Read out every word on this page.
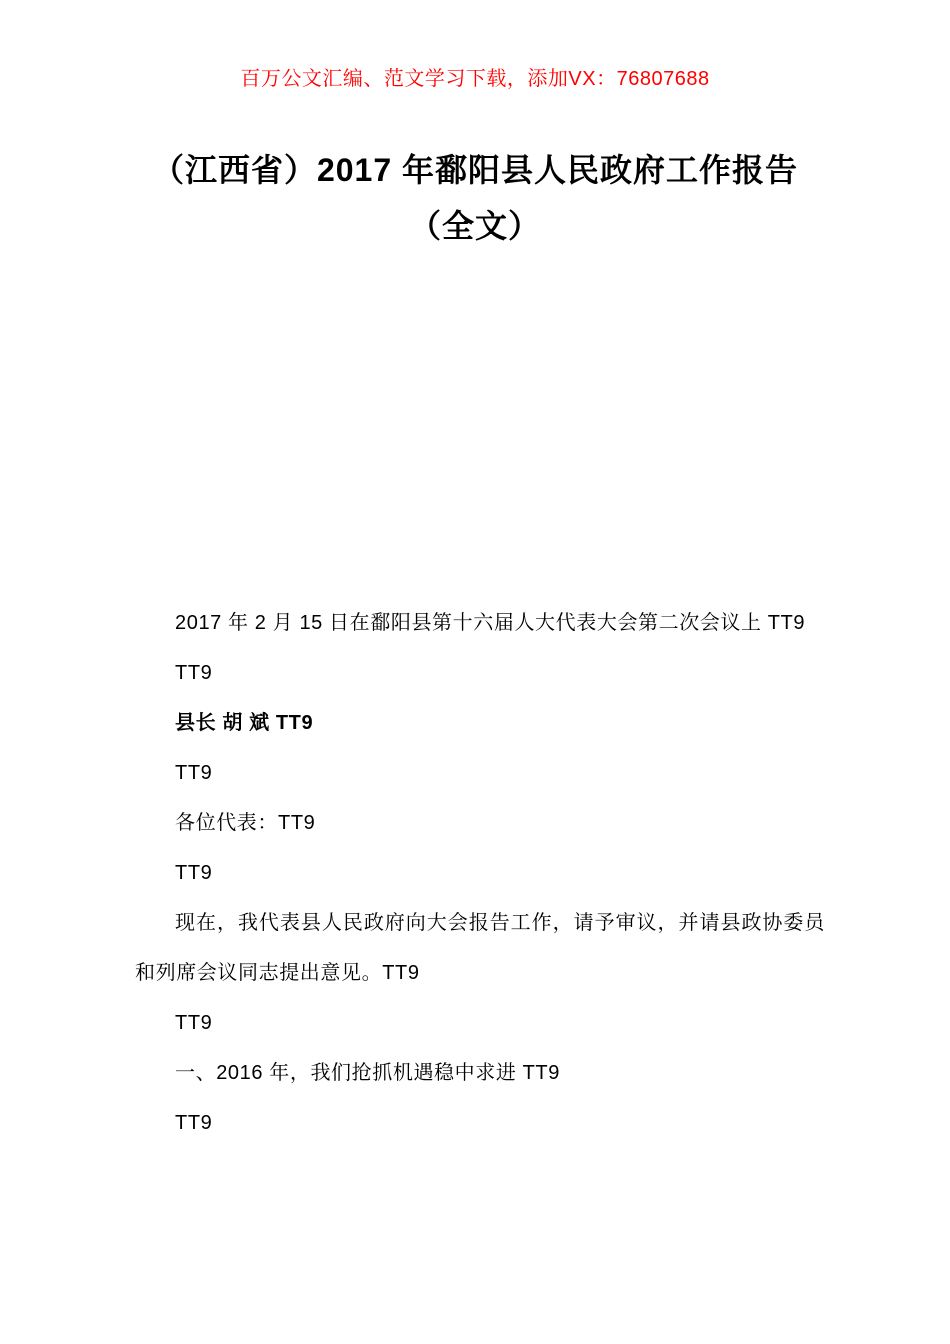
百万公文汇编、范文学习下载，添加VX：76807688
（江西省）2017 年鄱阳县人民政府工作报告（全文）

2017 年 2 月 15 日在鄱阳县第十六届人大代表大会第二次会议上 TT9

TT9

县长 胡 斌 TT9

TT9

各位代表：TT9

TT9

现在，我代表县人民政府向大会报告工作，请予审议，并请县政协委员和列席会议同志提出意见。TT9

TT9

一、2016 年，我们抢抓机遇稳中求进 TT9

TT9
